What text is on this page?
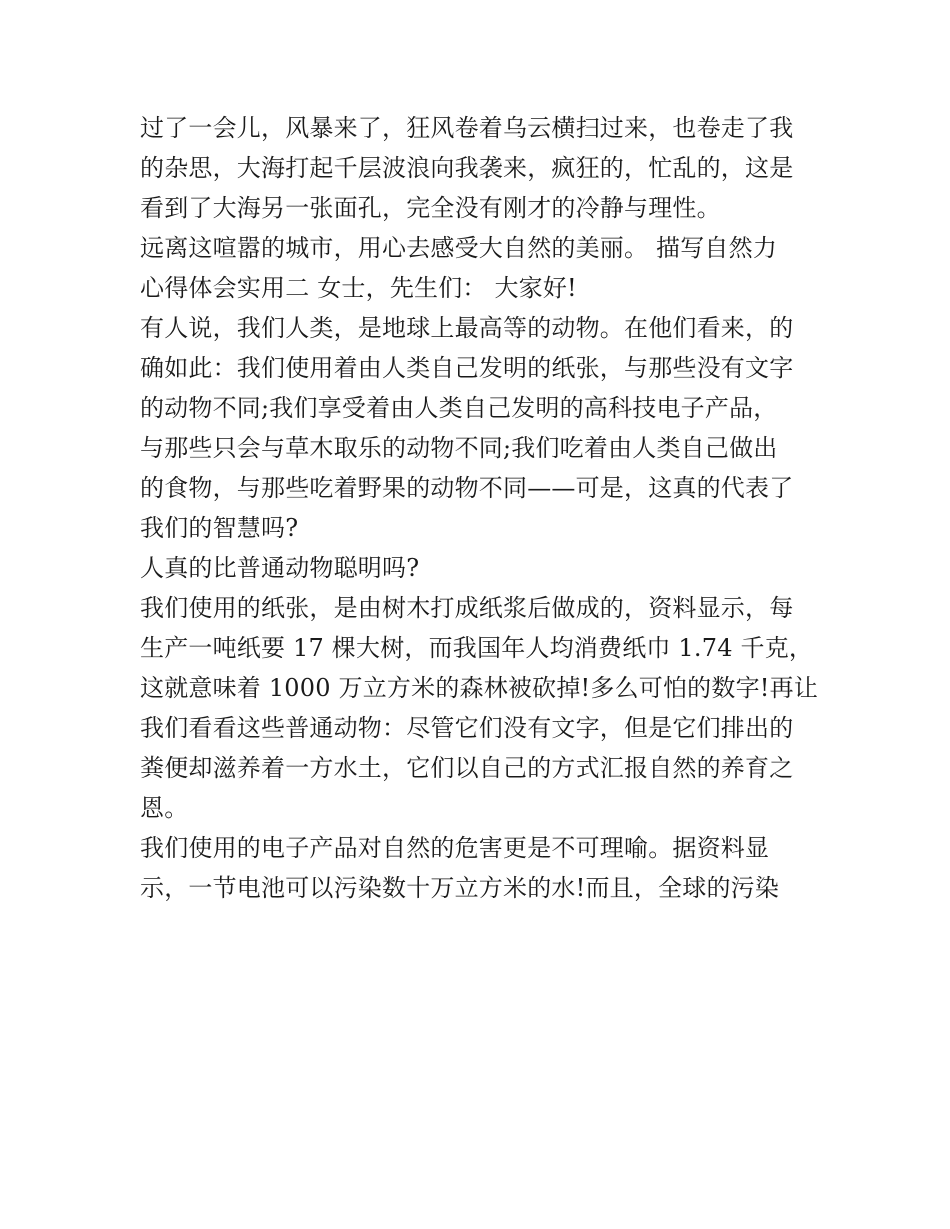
过了一会儿，风暴来了，狂风卷着乌云横扫过来，也卷走了我
的杂思，大海打起千层波浪向我袭来，疯狂的，忙乱的，这是
看到了大海另一张面孔，完全没有刚才的冷静与理性。
远离这喧嚣的城市，用心去感受大自然的美丽。 描写自然力
心得体会实用二 女士，先生们： 大家好!
有人说，我们人类，是地球上最高等的动物。在他们看来，的
确如此：我们使用着由人类自己发明的纸张，与那些没有文字
的动物不同;我们享受着由人类自己发明的高科技电子产品，
与那些只会与草木取乐的动物不同;我们吃着由人类自己做出
的食物，与那些吃着野果的动物不同——可是，这真的代表了
我们的智慧吗?
人真的比普通动物聪明吗?
我们使用的纸张，是由树木打成纸浆后做成的，资料显示，每
生产一吨纸要 17 棵大树，而我国年人均消费纸巾 1.74 千克，
这就意味着 1000 万立方米的森林被砍掉!多么可怕的数字!再让
我们看看这些普通动物：尽管它们没有文字，但是它们排出的
粪便却滋养着一方水土，它们以自己的方式汇报自然的养育之
恩。
我们使用的电子产品对自然的危害更是不可理喻。据资料显
示，一节电池可以污染数十万立方米的水!而且，全球的污染
